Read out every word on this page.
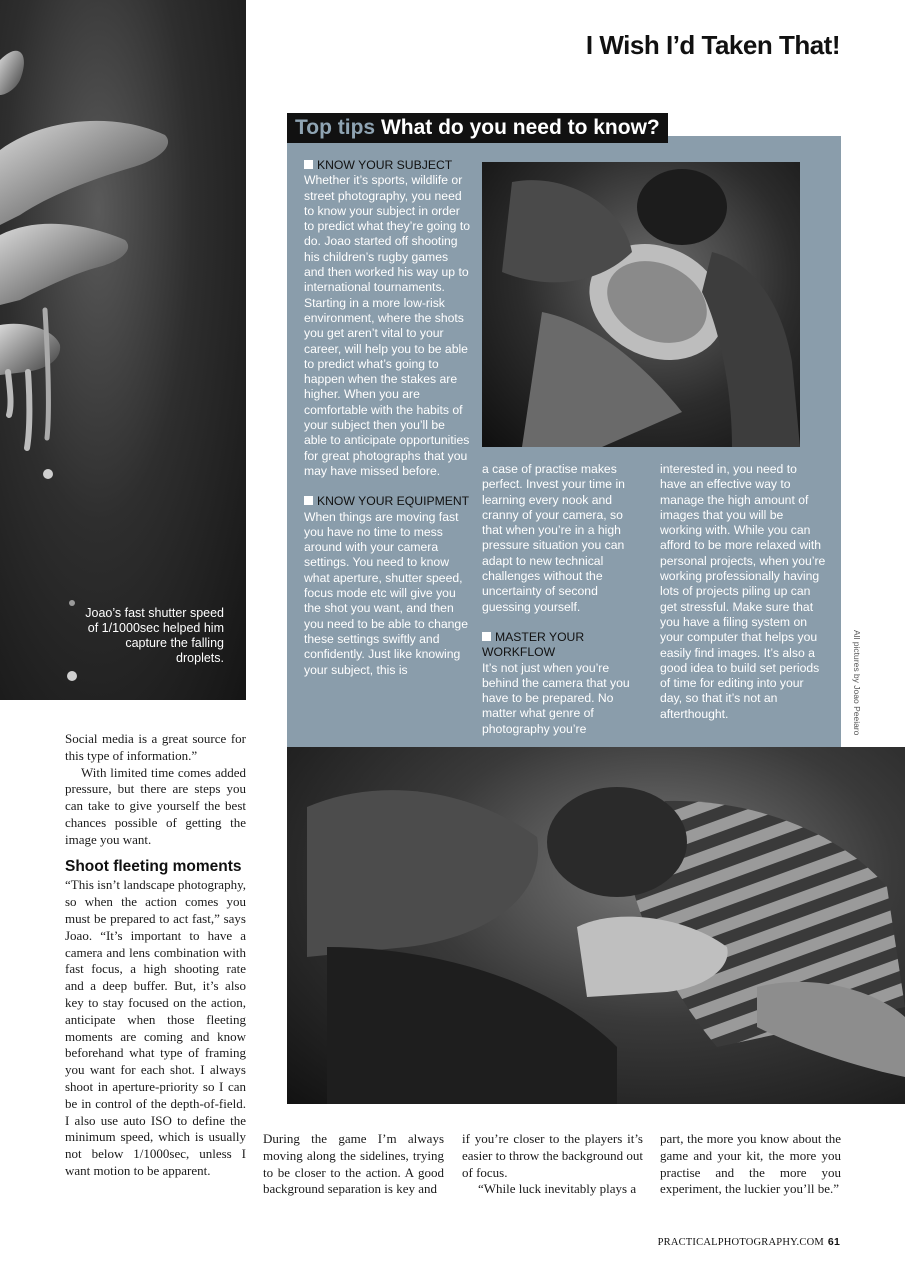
I Wish I’d Taken That!
Joao’s fast shutter speed of 1/1000sec helped him capture the falling droplets.
Top tips What do you need to know?

KNOW YOUR SUBJECT
Whether it’s sports, wildlife or street photography, you need to know your subject in order to predict what they’re going to do. Joao started off shooting his children’s rugby games and then worked his way up to international tournaments. Starting in a more low-risk environment, where the shots you get aren’t vital to your career, will help you to be able to predict what’s going to happen when the stakes are higher. When you are comfortable with the habits of your subject then you’ll be able to anticipate opportunities for great photographs that you may have missed before.

KNOW YOUR EQUIPMENT
When things are moving fast you have no time to mess around with your camera settings. You need to know what aperture, shutter speed, focus mode etc will give you the shot you want, and then you need to be able to change these settings swiftly and confidently. Just like knowing your subject, this is

a case of practise makes perfect. Invest your time in learning every nook and cranny of your camera, so that when you’re in a high pressure situation you can adapt to new technical challenges without the uncertainty of second guessing yourself.

MASTER YOUR WORKFLOW
It’s not just when you’re behind the camera that you have to be prepared. No matter what genre of photography you’re

interested in, you need to have an effective way to manage the high amount of images that you will be working with. While you can afford to be more relaxed with personal projects, when you’re working professionally having lots of projects piling up can get stressful. Make sure that you have a filing system on your computer that helps you easily find images. It’s also a good idea to build set periods of time for editing into your day, so that it’s not an afterthought.	All pictures by Joao Peeiaro

Social media is a great source for this type of information.”

With limited time comes added pressure, but there are steps you can take to give yourself the best chances possible of getting the image you want.

Shoot fleeting moments

“This isn’t landscape photography, so when the action comes you must be prepared to act fast,” says Joao. “It’s important to have a camera and lens combination with fast focus, a high shooting rate and a deep buffer. But, it’s also key to stay focused on the action, anticipate when those fleeting moments are coming and know beforehand what type of framing you want for each shot. I always shoot in aperture-priority so I can be in control of the depth-of-field. I also use auto ISO to define the minimum speed, which is usually not below 1/1000sec, unless I want motion to be apparent.

During the game I’m always moving along the sidelines, trying to be closer to the action. A good background separation is key and

if you’re closer to the players it’s easier to throw the background out of focus.

“While luck inevitably plays a

part, the more you know about the game and your kit, the more you practise and the more you experiment, the luckier you’ll be.”

PRACTICALPHOTOGRAPHY.COM 61
